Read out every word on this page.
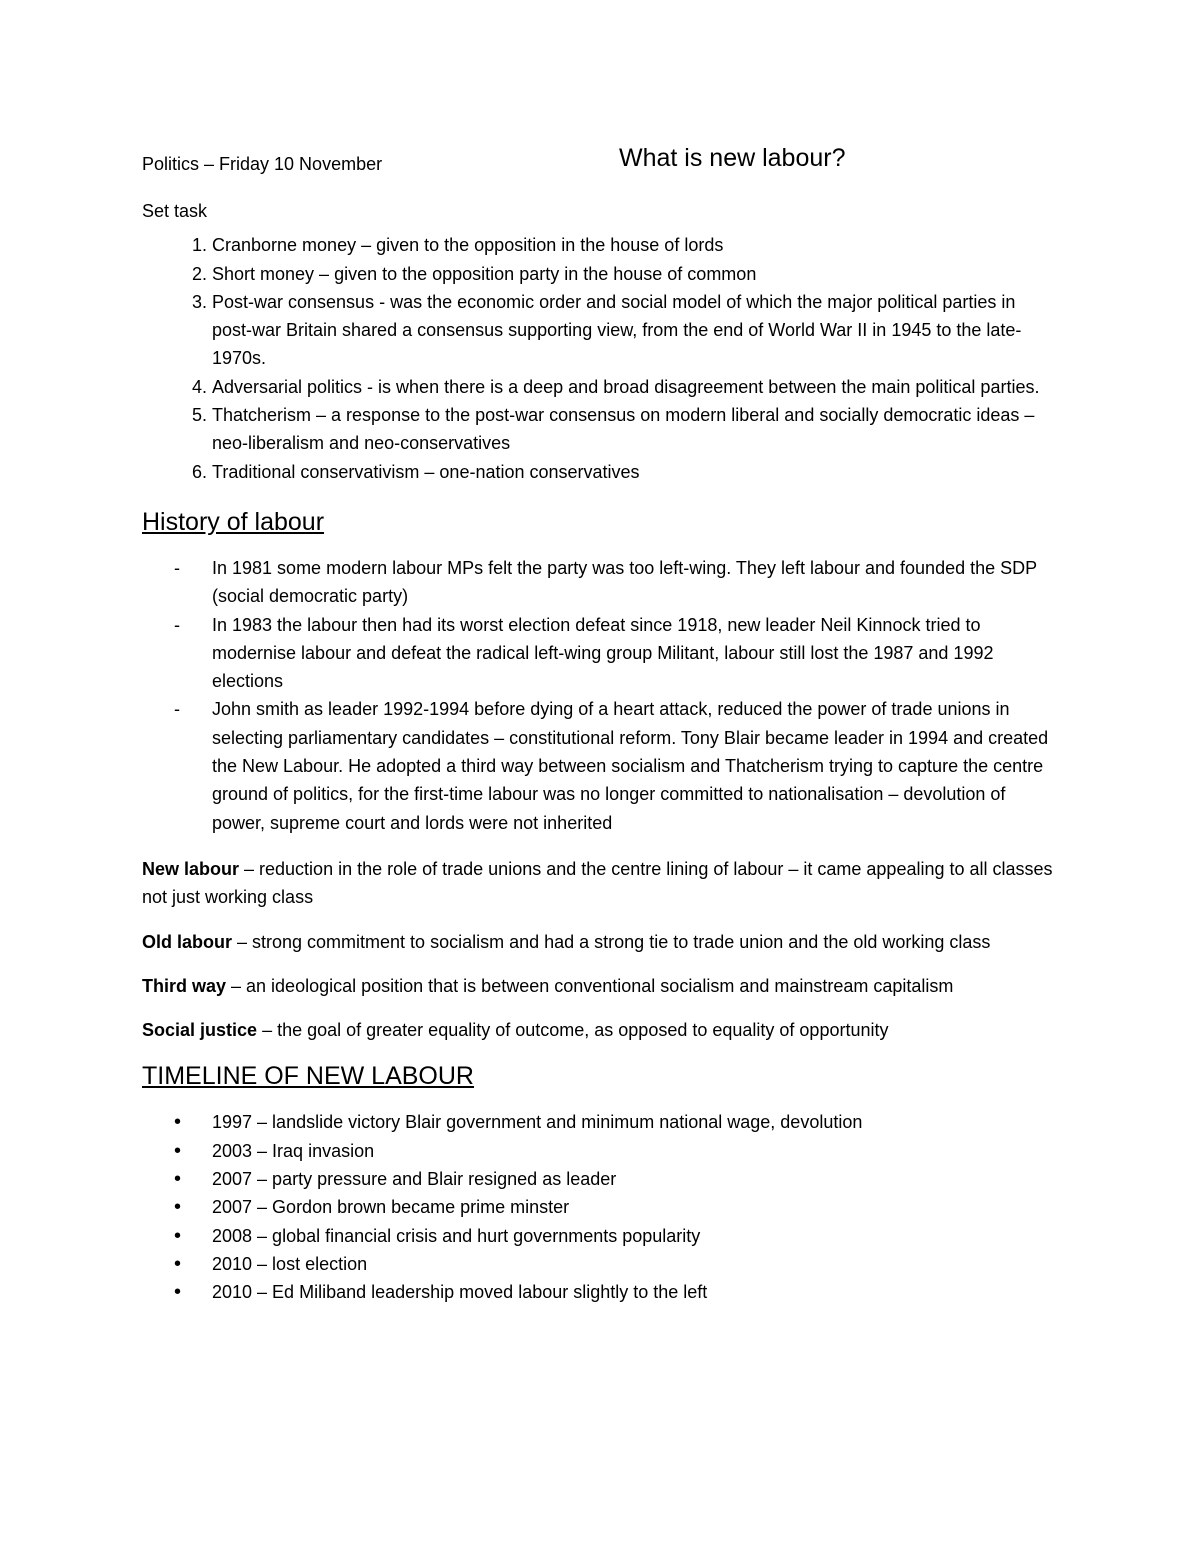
Politics – Friday 10 November	What is new labour?

Set task

1. Cranborne money – given to the opposition in the house of lords
2. Short money – given to the opposition party in the house of common
3. Post-war consensus - was the economic order and social model of which the major political parties in post-war Britain shared a consensus supporting view, from the end of World War II in 1945 to the late-1970s.
4. Adversarial politics - is when there is a deep and broad disagreement between the main political parties.
5. Thatcherism – a response to the post-war consensus on modern liberal and socially democratic ideas – neo-liberalism and neo-conservatives
6. Traditional conservativism – one-nation conservatives
History of labour
- In 1981 some modern labour MPs felt the party was too left-wing. They left labour and founded the SDP (social democratic party)
- In 1983 the labour then had its worst election defeat since 1918, new leader Neil Kinnock tried to modernise labour and defeat the radical left-wing group Militant, labour still lost the 1987 and 1992 elections
- John smith as leader 1992-1994 before dying of a heart attack, reduced the power of trade unions in selecting parliamentary candidates – constitutional reform. Tony Blair became leader in 1994 and created the New Labour. He adopted a third way between socialism and Thatcherism trying to capture the centre ground of politics, for the first-time labour was no longer committed to nationalisation – devolution of power, supreme court and lords were not inherited

New labour – reduction in the role of trade unions and the centre lining of labour – it came appealing to all classes not just working class

Old labour – strong commitment to socialism and had a strong tie to trade union and the old working class

Third way – an ideological position that is between conventional socialism and mainstream capitalism

Social justice – the goal of greater equality of outcome, as opposed to equality of opportunity

TIMELINE OF NEW LABOUR
• 1997 – landslide victory Blair government and minimum national wage, devolution
• 2003 – Iraq invasion
• 2007 – party pressure and Blair resigned as leader
• 2007 – Gordon brown became prime minster
• 2008 – global financial crisis and hurt governments popularity
• 2010 – lost election
• 2010 – Ed Miliband leadership moved labour slightly to the left
